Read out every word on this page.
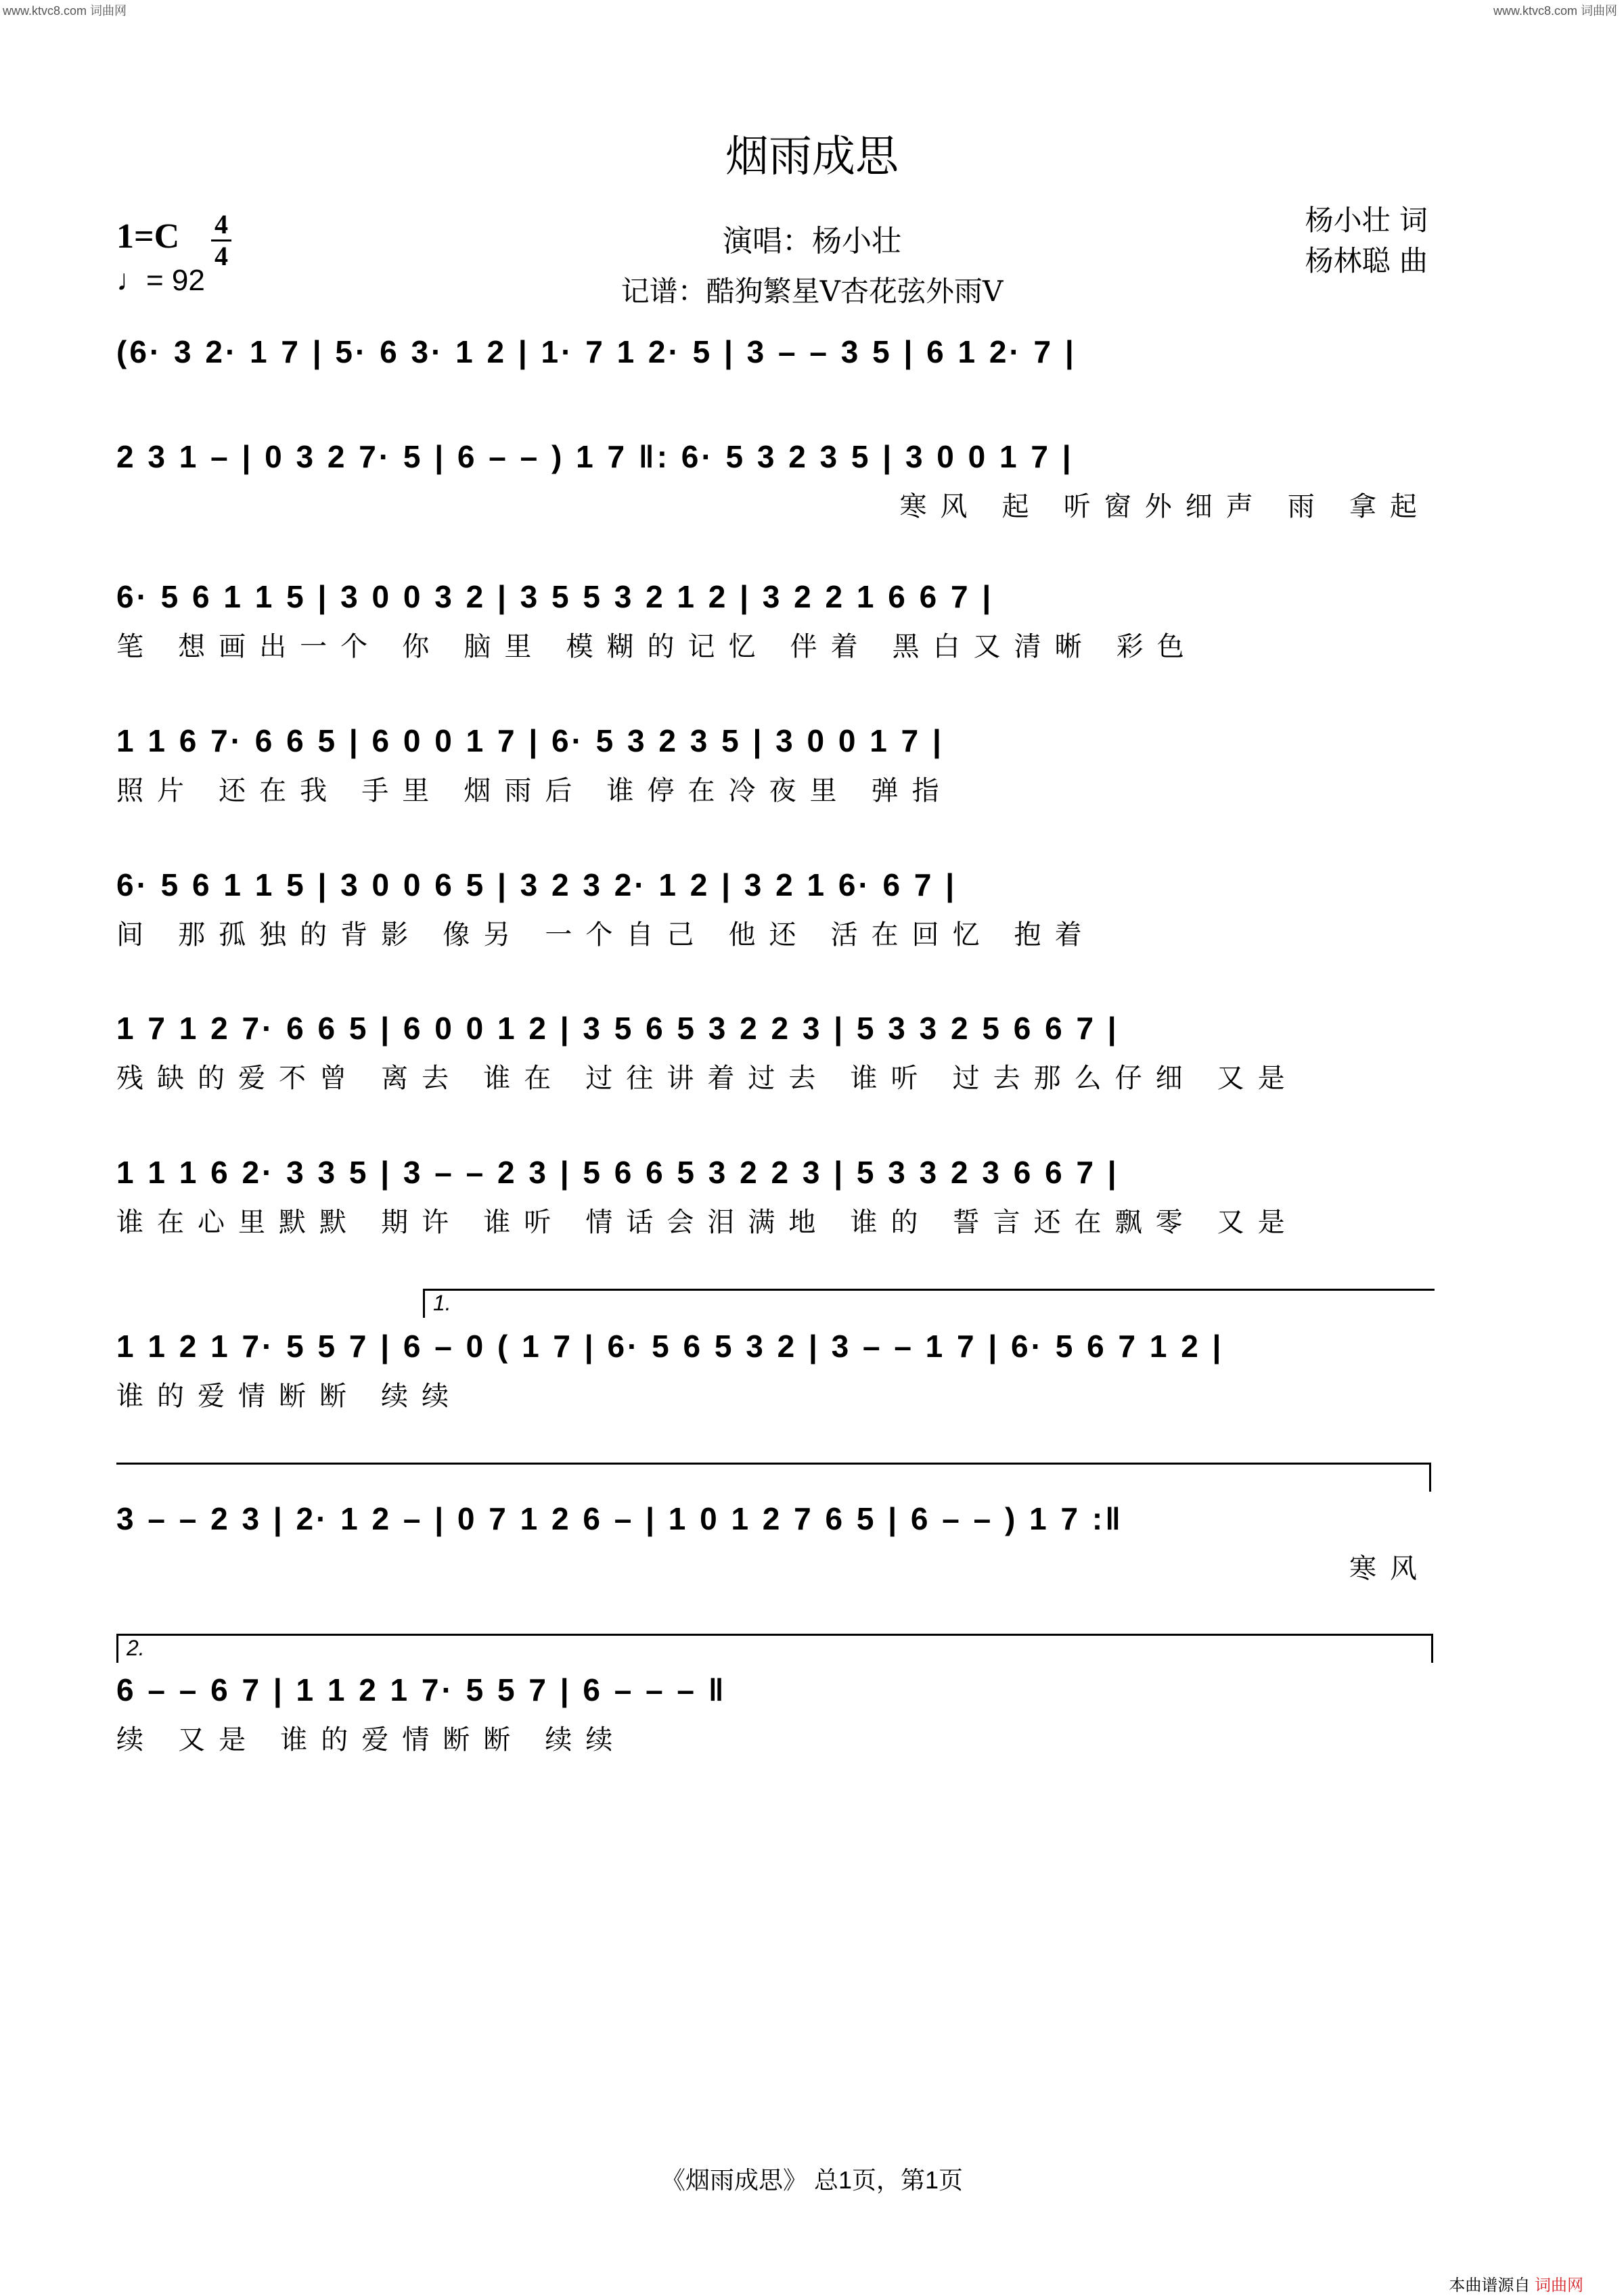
www.ktvc8.com 词曲网	www.ktvc8.com 词曲网
烟雨成思
1=C 4
4
♩= 92
演唱：杨小壮
记谱：酷狗繁星V杏花弦外雨V
杨小壮 词
杨林聪 曲
(6· 3 2· 1 7 | 5· 6 3· 1 2 | 1· 7 1 2· 5 | 3 – – 3 5 | 6 1 2· 7 |
2 3 1 – | 0 3 2 7· 5 | 6 – – ) 1 7 ‖: 6· 5 3 2 3 5 | 3 0 0 1 7 |
寒风 起 听窗外细声 雨 拿起
6· 5 6 1 1 5 | 3 0 0 3 2 | 3 5 5 3 2 1 2 | 3 2 2 1 6 6 7 |
笔 想画出一个 你 脑里 模糊的记忆 伴着 黑白又清晰 彩色
1 1 6 7· 6 6 5 | 6 0 0 1 7 | 6· 5 3 2 3 5 | 3 0 0 1 7 |
照片 还在我 手里 烟雨后 谁停在冷夜里 弹指
6· 5 6 1 1 5 | 3 0 0 6 5 | 3 2 3 2· 1 2 | 3 2 1 6· 6 7 |
间 那孤独的背影 像另 一个自己 他还 活在回忆 抱着
1 7 1 2 7· 6 6 5 | 6 0 0 1 2 | 3 5 6 5 3 2 2 3 | 5 3 3 2 5 6 6 7 |
残缺的爱不曾 离去 谁在 过往讲着过去 谁听 过去那么仔细 又是
1 1 1 6 2· 3 3 5 | 3 – – 2 3 | 5 6 6 5 3 2 2 3 | 5 3 3 2 3 6 6 7 |
谁在心里默默 期许 谁听 情话会泪满地 谁的 誓言还在飘零 又是
1.
1 1 2 1 7· 5 5 7 | 6 – 0 ( 1 7 | 6· 5 6 5 3 2 | 3 – – 1 7 | 6· 5 6 7 1 2 |
谁的爱情断断 续续
3 – – 2 3 | 2· 1 2 – | 0 7 1 2 6 – | 1 0 1 2 7 6 5 | 6 – – ) 1 7 :‖
寒风
2.
6 – – 6 7 | 1 1 2 1 7· 5 5 7 | 6 – – – ‖
续 又是 谁的爱情断断 续续
《烟雨成思》 总1页，第1页
本曲谱源自 词曲网
